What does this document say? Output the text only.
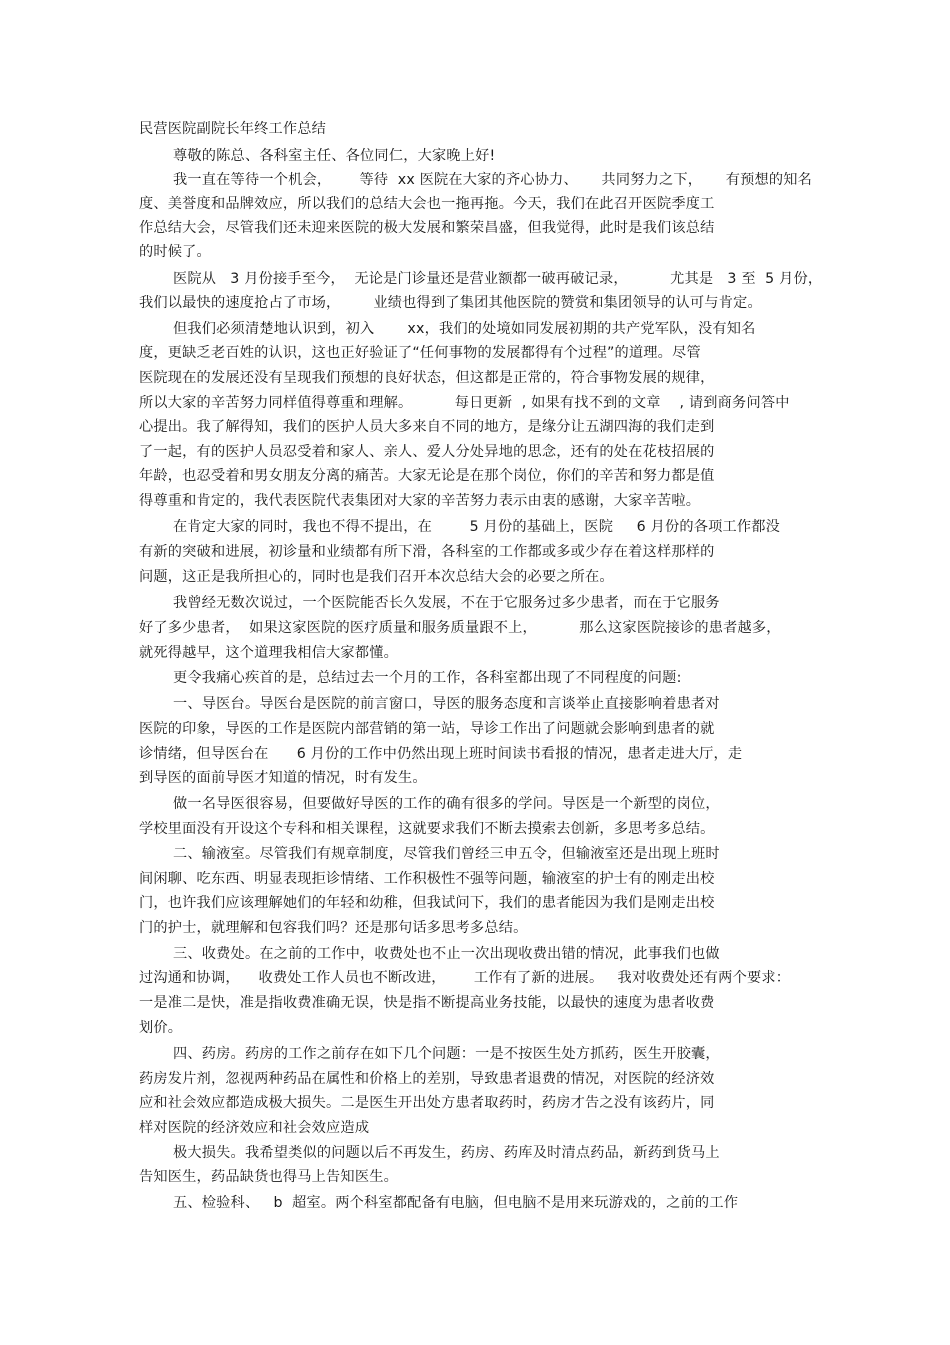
民营医院副院长年终工作总结
尊敬的陈总、各科室主任、各位同仁，大家晚上好!
我一直在等待一个机会，      等待  xx 医院在大家的齐心协力、     共同努力之下，     有预想的知名
度、美誉度和品牌效应，所以我们的总结大会也一拖再拖。今天，我们在此召开医院季度工
作总结大会，尽管我们还未迎来医院的极大发展和繁荣昌盛，但我觉得，此时是我们该总结
的时候了。
医院从   3 月份接手至今，  无论是门诊量还是营业额都一破再破记录，         尤其是   3 至  5 月份，
我们以最快的速度抢占了市场，       业绩也得到了集团其他医院的赞赏和集团领导的认可与肯定。
但我们必须清楚地认识到，初入       xx，我们的处境如同发展初期的共产党军队，没有知名
度，更缺乏老百姓的认识，这也正好验证了“任何事物的发展都得有个过程”的道理。尽管
医院现在的发展还没有呈现我们预想的良好状态，但这都是正常的，符合事物发展的规律，
所以大家的辛苦努力同样值得尊重和理解。         每日更新  , 如果有找不到的文章    , 请到商务问答中
心提出。我了解得知，我们的医护人员大多来自不同的地方，是缘分让五湖四海的我们走到
了一起，有的医护人员忍受着和家人、亲人、爱人分处异地的思念，还有的处在花枝招展的
年龄，也忍受着和男女朋友分离的痛苦。大家无论是在那个岗位，你们的辛苦和努力都是值
得尊重和肯定的，我代表医院代表集团对大家的辛苦努力表示由衷的感谢，大家辛苦啦。
在肯定大家的同时，我也不得不提出，在        5 月份的基础上，医院     6 月份的各项工作都没
有新的突破和进展，初诊量和业绩都有所下滑，各科室的工作都或多或少存在着这样那样的
问题，这正是我所担心的，同时也是我们召开本次总结大会的必要之所在。
我曾经无数次说过，一个医院能否长久发展，不在于它服务过多少患者，而在于它服务
好了多少患者，  如果这家医院的医疗质量和服务质量跟不上，         那么这家医院接诊的患者越多，
就死得越早，这个道理我相信大家都懂。
更令我痛心疾首的是，总结过去一个月的工作，各科室都出现了不同程度的问题:
一、导医台。导医台是医院的前言窗口，导医的服务态度和言谈举止直接影响着患者对
医院的印象，导医的工作是医院内部营销的第一站，导诊工作出了问题就会影响到患者的就
诊情绪，但导医台在      6 月份的工作中仍然出现上班时间读书看报的情况，患者走进大厅，走
到导医的面前导医才知道的情况，时有发生。
做一名导医很容易，但要做好导医的工作的确有很多的学问。导医是一个新型的岗位，
学校里面没有开设这个专科和相关课程，这就要求我们不断去摸索去创新，多思考多总结。
二、输液室。尽管我们有规章制度，尽管我们曾经三申五令，但输液室还是出现上班时
间闲聊、吃东西、明显表现拒诊情绪、工作积极性不强等问题，输液室的护士有的刚走出校
门，也许我们应该理解她们的年轻和幼稚，但我试问下，我们的患者能因为我们是刚走出校
门的护士，就理解和包容我们吗？还是那句话多思考多总结。
三、收费处。在之前的工作中，收费处也不止一次出现收费出错的情况，此事我们也做
过沟通和协调，    收费处工作人员也不断改进，      工作有了新的进展。   我对收费处还有两个要求：
一是准二是快，准是指收费准确无误，快是指不断提高业务技能，以最快的速度为患者收费
划价。
四、药房。药房的工作之前存在如下几个问题：一是不按医生处方抓药，医生开胶囊，
药房发片剂，忽视两种药品在属性和价格上的差别，导致患者退费的情况，对医院的经济效
应和社会效应都造成极大损失。二是医生开出处方患者取药时，药房才告之没有该药片，同
样对医院的经济效应和社会效应造成
极大损失。我希望类似的问题以后不再发生，药房、药库及时清点药品，新药到货马上
告知医生，药品缺货也得马上告知医生。
五、检验科、   b  超室。两个科室都配备有电脑，但电脑不是用来玩游戏的，之前的工作
